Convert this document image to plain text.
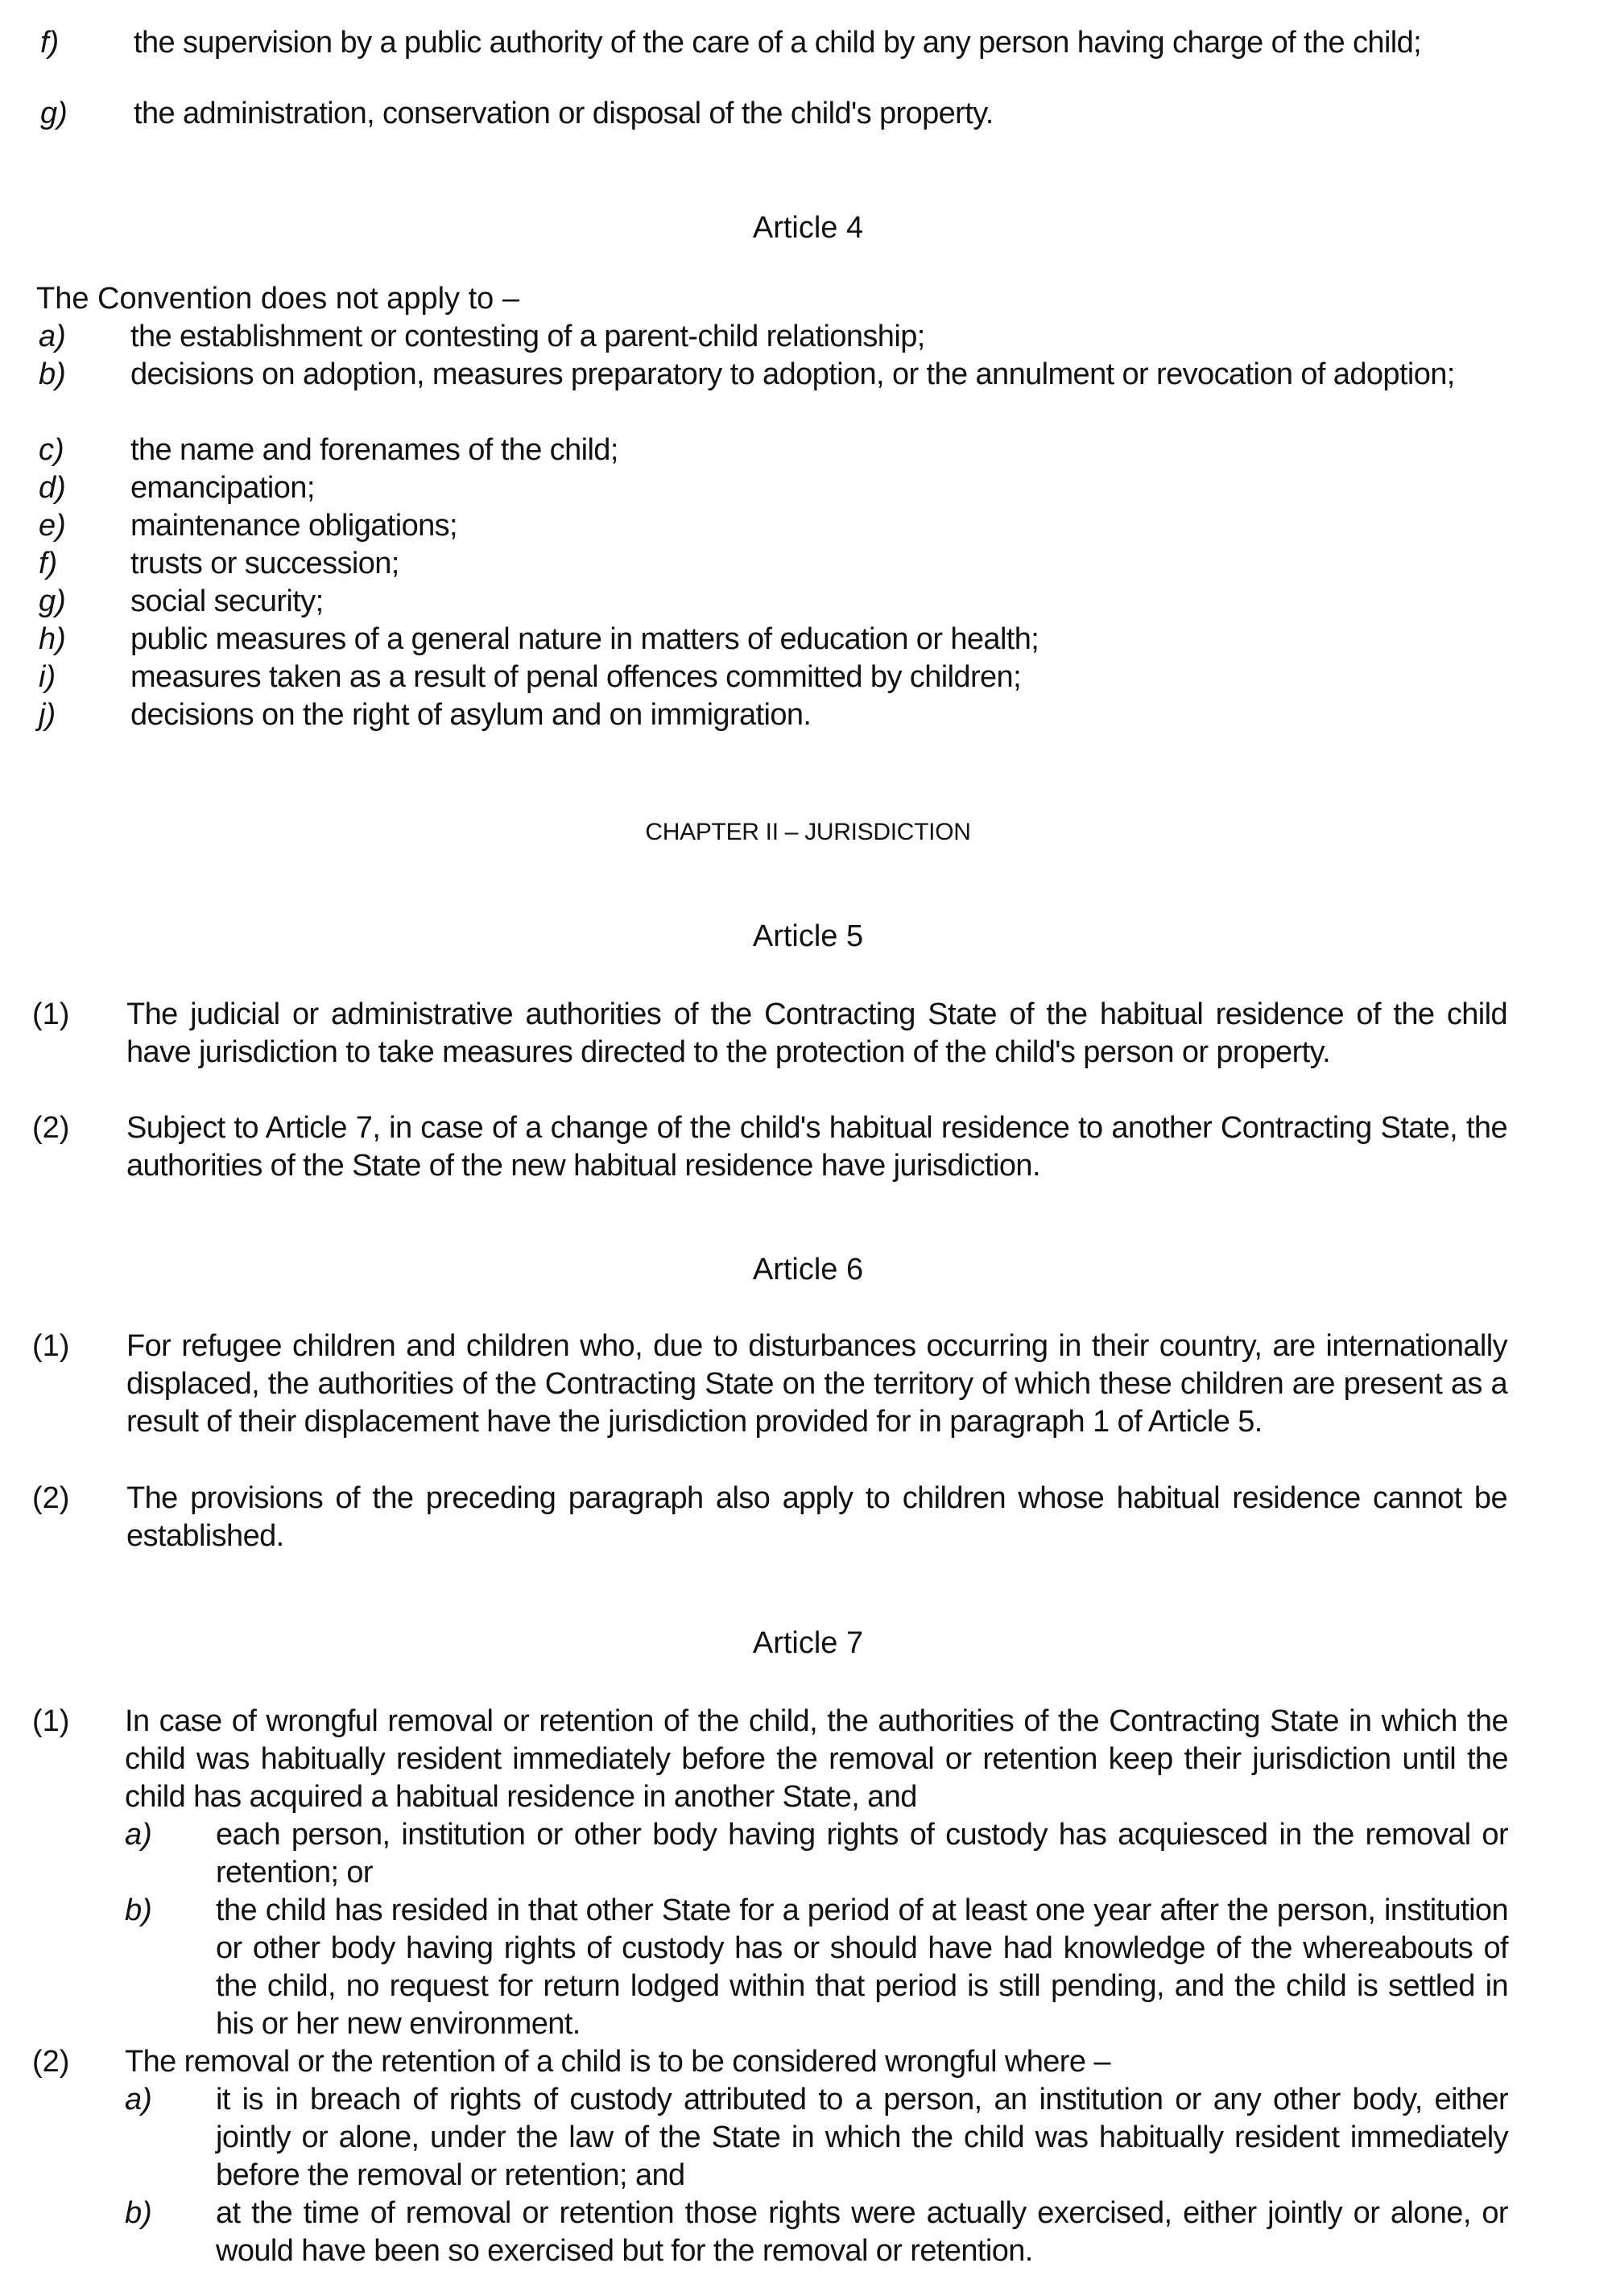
f) the supervision by a public authority of the care of a child by any person having charge of the child;
g) the administration, conservation or disposal of the child's property.
Article 4
The Convention does not apply to –
a) the establishment or contesting of a parent-child relationship;
b) decisions on adoption, measures preparatory to adoption, or the annulment or revocation of adoption;
c) the name and forenames of the child;
d) emancipation;
e) maintenance obligations;
f) trusts or succession;
g) social security;
h) public measures of a general nature in matters of education or health;
i) measures taken as a result of penal offences committed by children;
j) decisions on the right of asylum and on immigration.
CHAPTER II – JURISDICTION
Article 5
(1) The judicial or administrative authorities of the Contracting State of the habitual residence of the child have jurisdiction to take measures directed to the protection of the child's person or property.
(2) Subject to Article 7, in case of a change of the child's habitual residence to another Contracting State, the authorities of the State of the new habitual residence have jurisdiction.
Article 6
(1) For refugee children and children who, due to disturbances occurring in their country, are internationally displaced, the authorities of the Contracting State on the territory of which these children are present as a result of their displacement have the jurisdiction provided for in paragraph 1 of Article 5.
(2) The provisions of the preceding paragraph also apply to children whose habitual residence cannot be established.
Article 7
(1) In case of wrongful removal or retention of the child, the authorities of the Contracting State in which the child was habitually resident immediately before the removal or retention keep their jurisdiction until the child has acquired a habitual residence in another State, and
a) each person, institution or other body having rights of custody has acquiesced in the removal or retention; or
b) the child has resided in that other State for a period of at least one year after the person, institution or other body having rights of custody has or should have had knowledge of the whereabouts of the child, no request for return lodged within that period is still pending, and the child is settled in his or her new environment.
(2) The removal or the retention of a child is to be considered wrongful where –
a) it is in breach of rights of custody attributed to a person, an institution or any other body, either jointly or alone, under the law of the State in which the child was habitually resident immediately before the removal or retention; and
b) at the time of removal or retention those rights were actually exercised, either jointly or alone, or would have been so exercised but for the removal or retention.
